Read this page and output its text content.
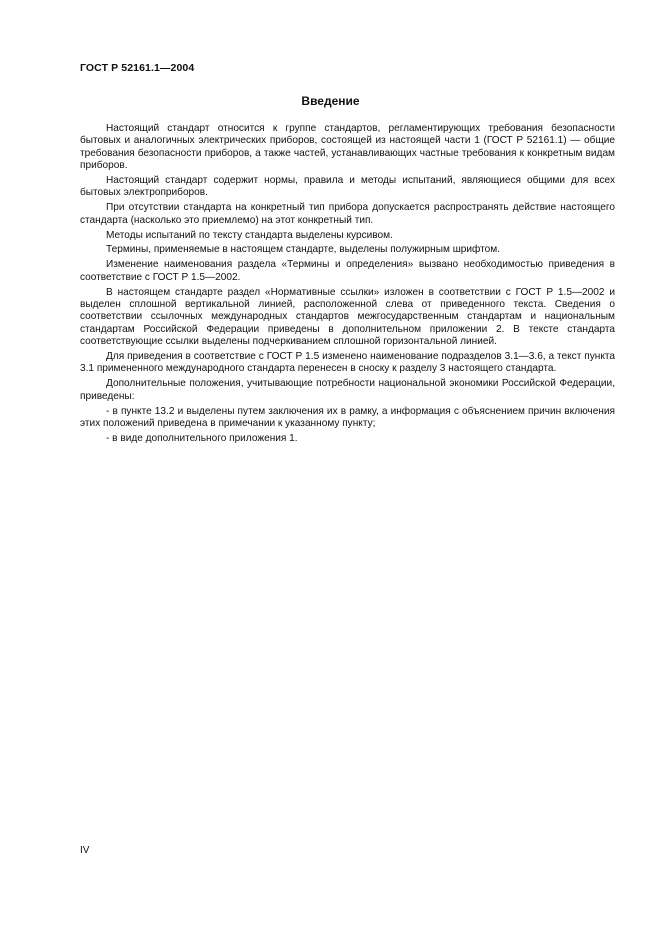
ГОСТ Р 52161.1—2004
Введение

Настоящий стандарт относится к группе стандартов, регламентирующих требования безопасности бытовых и аналогичных электрических приборов, состоящей из настоящей части 1 (ГОСТ Р 52161.1) — общие требования безопасности приборов, а также частей, устанавливающих частные требования к конкретным видам приборов.

Настоящий стандарт содержит нормы, правила и методы испытаний, являющиеся общими для всех бытовых электроприборов.

При отсутствии стандарта на конкретный тип прибора допускается распространять действие настоящего стандарта (насколько это приемлемо) на этот конкретный тип.

Методы испытаний по тексту стандарта выделены курсивом.

Термины, применяемые в настоящем стандарте, выделены полужирным шрифтом.

Изменение наименования раздела «Термины и определения» вызвано необходимостью приведения в соответствие с ГОСТ Р 1.5—2002.

В настоящем стандарте раздел «Нормативные ссылки» изложен в соответствии с ГОСТ Р 1.5—2002 и выделен сплошной вертикальной линией, расположенной слева от приведенного текста. Сведения о соответствии ссылочных международных стандартов межгосударственным стандартам и национальным стандартам Российской Федерации приведены в дополнительном приложении 2. В тексте стандарта соответствующие ссылки выделены подчеркиванием сплошной горизонтальной линией.

Для приведения в соответствие с ГОСТ Р 1.5 изменено наименование подразделов 3.1—3.6, а текст пункта 3.1 примененного международного стандарта перенесен в сноску к разделу 3 настоящего стандарта.

Дополнительные положения, учитывающие потребности национальной экономики Российской Федерации, приведены:

- в пункте 13.2 и выделены путем заключения их в рамку, а информация с объяснением причин включения этих положений приведена в примечании к указанному пункту;

- в виде дополнительного приложения 1.

IV
